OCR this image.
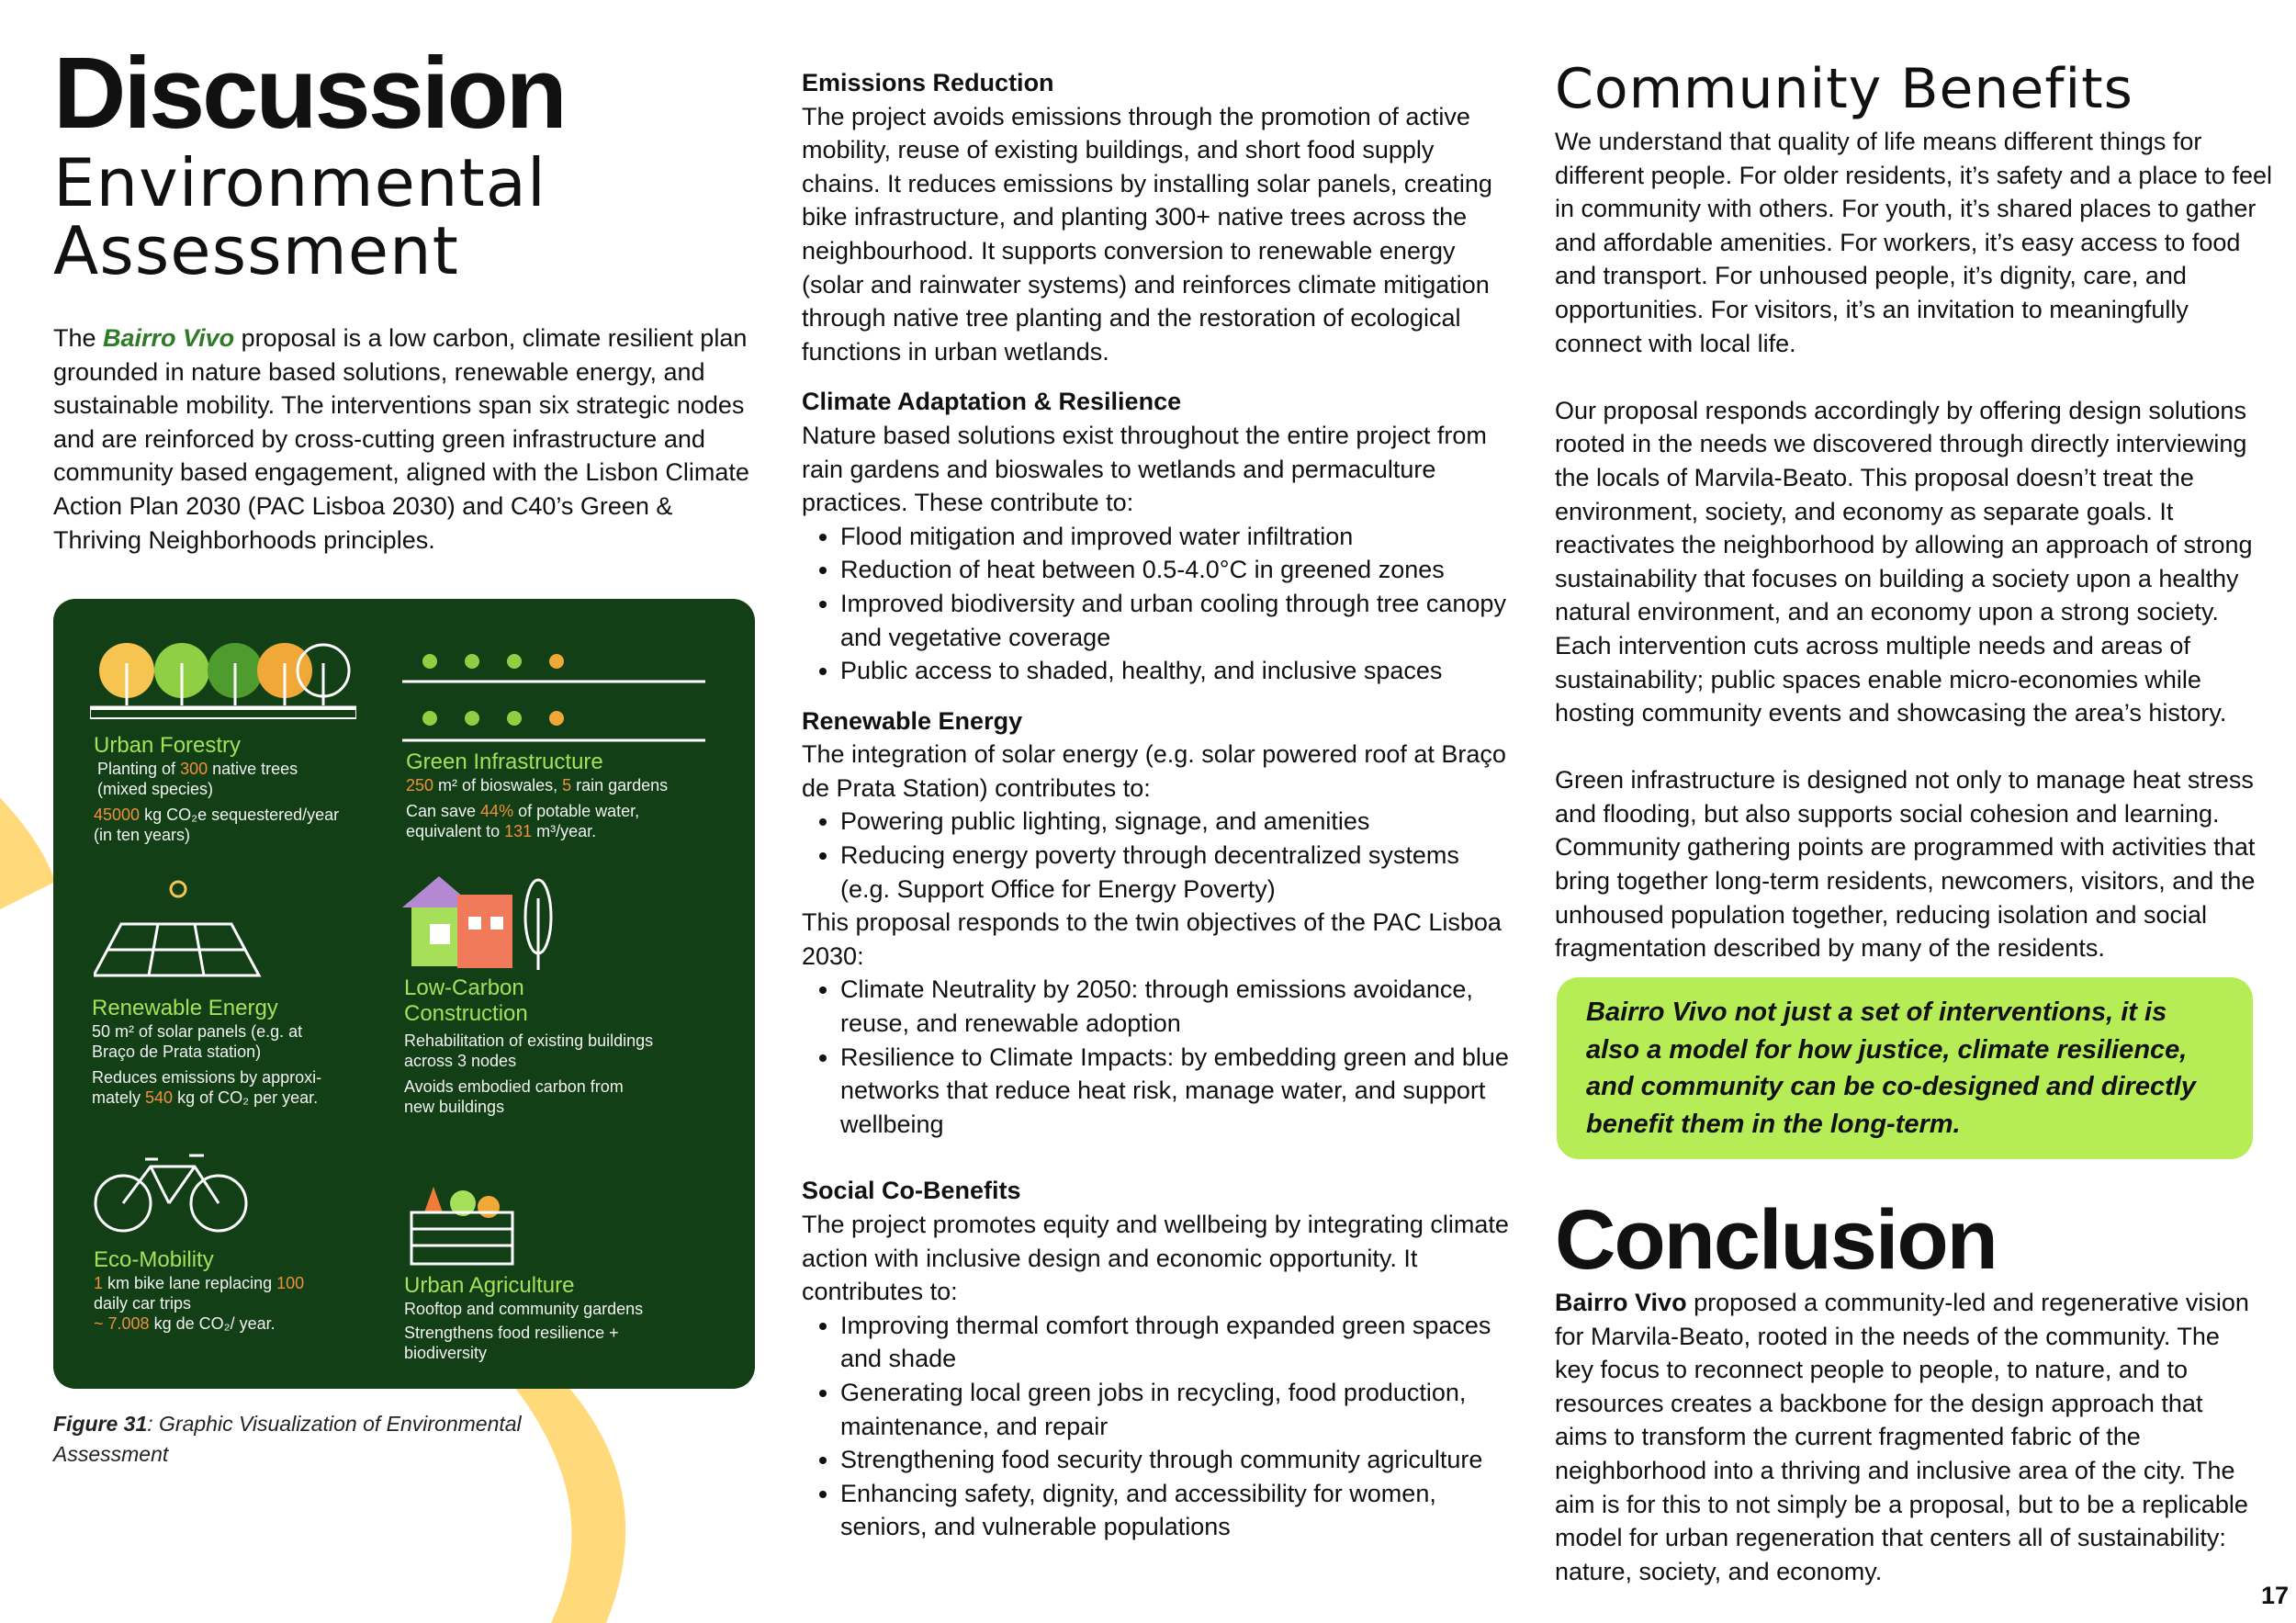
Discussion
Environmental Assessment

The Bairro Vivo proposal is a low carbon, climate resilient plan grounded in nature based solutions, renewable energy, and sustainable mobility. The interventions span six strategic nodes and are reinforced by cross-cutting green infrastructure and community based engagement, aligned with the Lisbon Climate Action Plan 2030 (PAC Lisboa 2030) and C40’s Green & Thriving Neighborhoods principles.

Urban Forestry
Planting of 300 native trees
(mixed species)
45000 kg CO₂e sequestered/year
(in ten years)
Green Infrastructure
250 m² of bioswales, 5 rain gardens
Can save 44% of potable water,
equivalent to 131 m³/year.
Renewable Energy
50 m² of solar panels (e.g. at
Braço de Prata station)
Reduces emissions by approxi-
mately 540 kg of CO₂ per year.
Low-Carbon
Construction
Rehabilitation of existing buildings
across 3 nodes
Avoids embodied carbon from
new buildings
Eco-Mobility
1 km bike lane replacing 100
daily car trips
~ 7.008 kg de CO₂/ year.
Urban Agriculture
Rooftop and community gardens
Strengthens food resilience +
biodiversity

Figure 31: Graphic Visualization of Environmental Assessment

Emissions Reduction

The project avoids emissions through the promotion of active mobility, reuse of existing buildings, and short food supply chains. It reduces emissions by installing solar panels, creating bike infrastructure, and planting 300+ native trees across the neighbourhood. It supports conversion to renewable energy (solar and rainwater systems) and reinforces climate mitigation through native tree planting and the restoration of ecological functions in urban wetlands.

Climate Adaptation & Resilience

Nature based solutions exist throughout the entire project from rain gardens and bioswales to wetlands and permaculture practices. These contribute to:

• Flood mitigation and improved water infiltration
• Reduction of heat between 0.5-4.0°C in greened zones
• Improved biodiversity and urban cooling through tree canopy and vegetative coverage
• Public access to shaded, healthy, and inclusive spaces

Renewable Energy

The integration of solar energy (e.g. solar powered roof at Braço de Prata Station) contributes to:

• Powering public lighting, signage, and amenities
• Reducing energy poverty through decentralized systems (e.g. Support Office for Energy Poverty)

This proposal responds to the twin objectives of the PAC Lisboa 2030:

• Climate Neutrality by 2050: through emissions avoidance, reuse, and renewable adoption
• Resilience to Climate Impacts: by embedding green and blue networks that reduce heat risk, manage water, and support wellbeing

Social Co-Benefits

The project promotes equity and wellbeing by integrating climate action with inclusive design and economic opportunity. It contributes to:

• Improving thermal comfort through expanded green spaces and shade
• Generating local green jobs in recycling, food production, maintenance, and repair
• Strengthening food security through community agriculture
• Enhancing safety, dignity, and accessibility for women, seniors, and vulnerable populations
Community Benefits

We understand that quality of life means different things for different people. For older residents, it’s safety and a place to feel in community with others. For youth, it’s shared places to gather and affordable amenities. For workers, it’s easy access to food and transport. For unhoused people, it’s dignity, care, and opportunities. For visitors, it’s an invitation to meaningfully connect with local life.

Our proposal responds accordingly by offering design solutions rooted in the needs we discovered through directly interviewing the locals of Marvila-Beato. This proposal doesn’t treat the environment, society, and economy as separate goals. It reactivates the neighborhood by allowing an approach of strong sustainability that focuses on building a society upon a healthy natural environment, and an economy upon a strong society. Each intervention cuts across multiple needs and areas of sustainability; public spaces enable micro-economies while hosting community events and showcasing the area’s history.

Green infrastructure is designed not only to manage heat stress and flooding, but also supports social cohesion and learning. Community gathering points are programmed with activities that bring together long-term residents, newcomers, visitors, and the unhoused population together, reducing isolation and social fragmentation described by many of the residents.

Bairro Vivo not just a set of interventions, it is also a model for how justice, climate resilience, and community can be co-designed and directly benefit them in the long-term.

Conclusion

Bairro Vivo proposed a community-led and regenerative vision for Marvila-Beato, rooted in the needs of the community. The key focus to reconnect people to people, to nature, and to resources creates a backbone for the design approach that aims to transform the current fragmented fabric of the neighborhood into a thriving and inclusive area of the city. The aim is for this to not simply be a proposal, but to be a replicable model for urban regeneration that centers all of sustainability: nature, society, and economy.

17
